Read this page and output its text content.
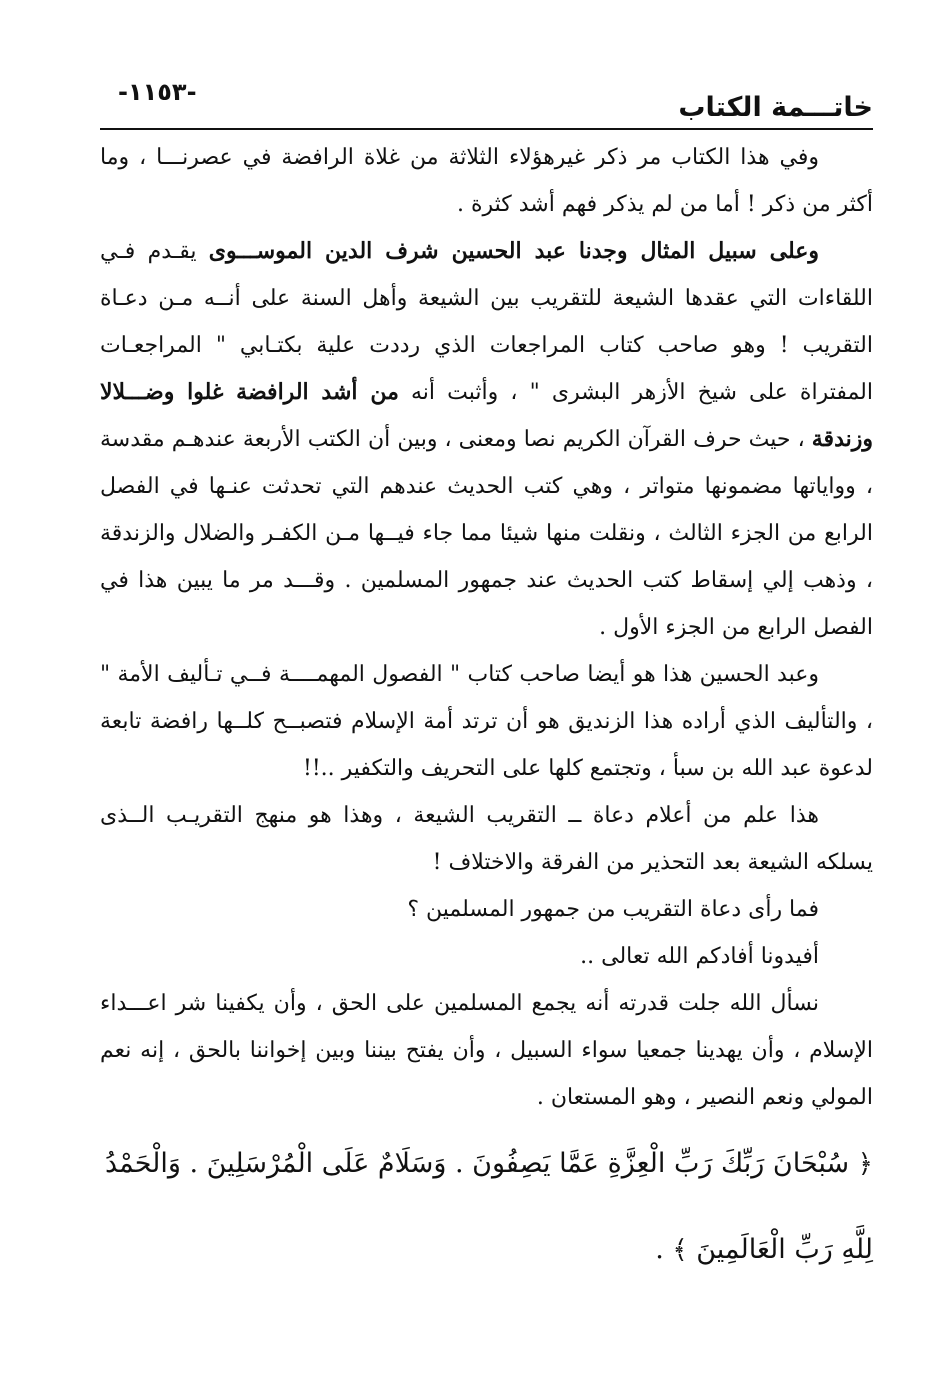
خاتـــمة الكتاب
-١١٥٣-

وفي هذا الكتاب مر ذكر غيرهؤلاء الثلاثة من غلاة الرافضة في عصرنـــا ، وما أكثر من ذكر ! أما من لم يذكر فهم أشد كثرة .

وعلى سبيل المثال وجدنا عبد الحسين شرف الدين الموســـوى يقـدم فـي اللقاءات التي عقدها الشيعة للتقريب بين الشيعة وأهل السنة على أنــه مـن دعـاة التقريب ! وهو صاحب كتاب المراجعات الذي رددت علية بكتـابي " المراجعـات المفتراة على شيخ الأزهر البشرى " ، وأثبت أنه من أشد الرافضة غلوا وضـــلالا وزندقة ، حيث حرف القرآن الكريم نصا ومعنى ، وبين أن الكتب الأربعة عندهـم مقدسة ، وواياتها مضمونها متواتر ، وهي كتب الحديث عندهم التي تحدثت عنـها في الفصل الرابع من الجزء الثالث ، ونقلت منها شيئا مما جاء فيــها مـن الكفـر والضلال والزندقة ، وذهب إلي إسقاط كتب الحديث عند جمهور المسلمين . وقـــد مر ما يبين هذا في الفصل الرابع من الجزء الأول .

وعبد الحسين هذا هو أيضا صاحب كتاب " الفصول المهمــــة فــي تـأليف الأمة " ، والتأليف الذي أراده هذا الزنديق هو أن ترتد أمة الإسلام فتصبــح كلــها رافضة تابعة لدعوة عبد الله بن سبأ ، وتجتمع كلها على التحريف والتكفير ..!!

هذا علم من أعلام دعاة ــ التقريب الشيعة ، وهذا هو منهج التقريـب الــذى يسلكه الشيعة بعد التحذير من الفرقة والاختلاف !

فما رأى دعاة التقريب من جمهور المسلمين ؟

أفيدونا أفادكم الله تعالى ..

نسأل الله جلت قدرته أنه يجمع المسلمين على الحق ، وأن يكفينا شر اعـــداء الإسلام ، وأن يهدينا جمعيا سواء السبيل ، وأن يفتح بيننا وبين إخواننا بالحق ، إنه نعم المولي ونعم النصير ، وهو المستعان .

﴿ سُبْحَانَ رَبِّكَ رَبِّ الْعِزَّةِ عَمَّا يَصِفُونَ . وَسَلَامٌ عَلَى الْمُرْسَلِينَ . وَالْحَمْدُ لِلَّهِ رَبِّ الْعَالَمِينَ ﴾ .
